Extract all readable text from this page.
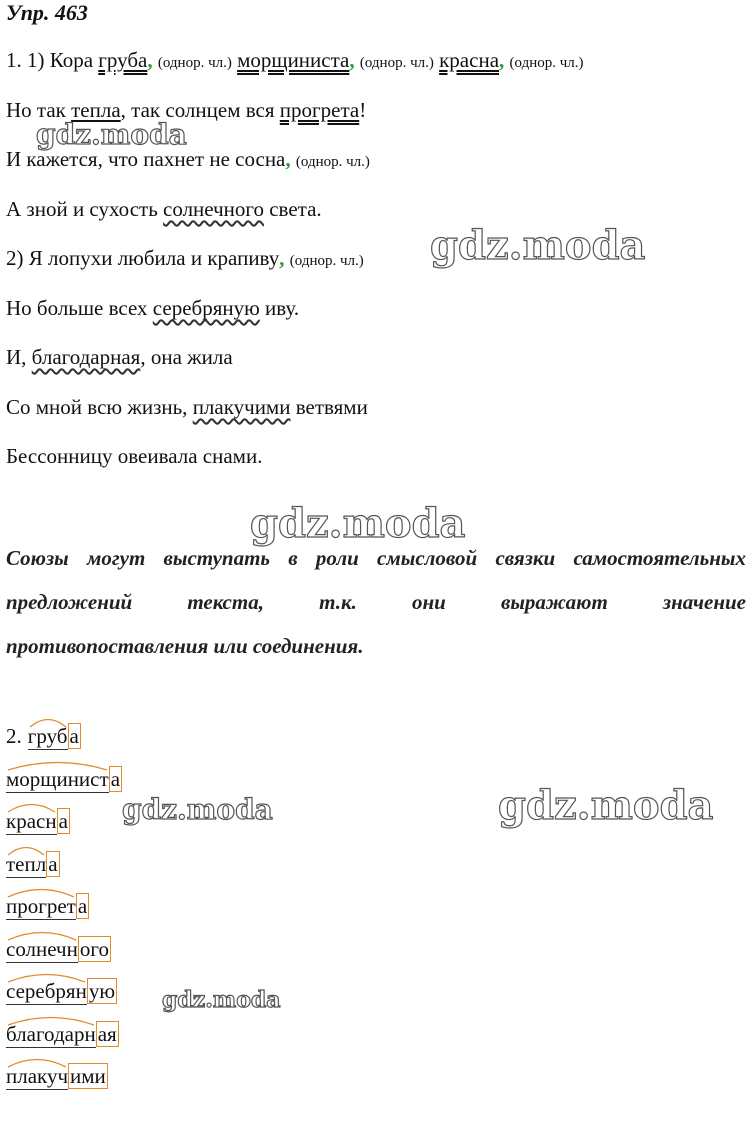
Упр. 463
1. 1) Кора груба, (однор. чл.) морщиниста, (однор. чл.) красна, (однор. чл.)
Но так тепла, так солнцем вся прогрета!
И кажется, что пахнет не сосна, (однор. чл.)
А зной и сухость солнечного света.
2) Я лопухи любила и крапиву, (однор. чл.)
Но больше всех серебряную иву.
И, благодарная, она жила
Со мной всю жизнь, плакучими ветвями
Бессонницу овеивала снами.
Союзы могут выступать в роли смысловой связки самостоятельных
предложений текста, т.к. они выражают значение
противопоставления или соединения.
2. груба
морщиниста
красна
тепла
прогрета
солнечного
серебряную
благодарная
плакучими
gdz.moda
gdz.moda
gdz.moda
gdz.moda	gdz.moda
gdz.moda
